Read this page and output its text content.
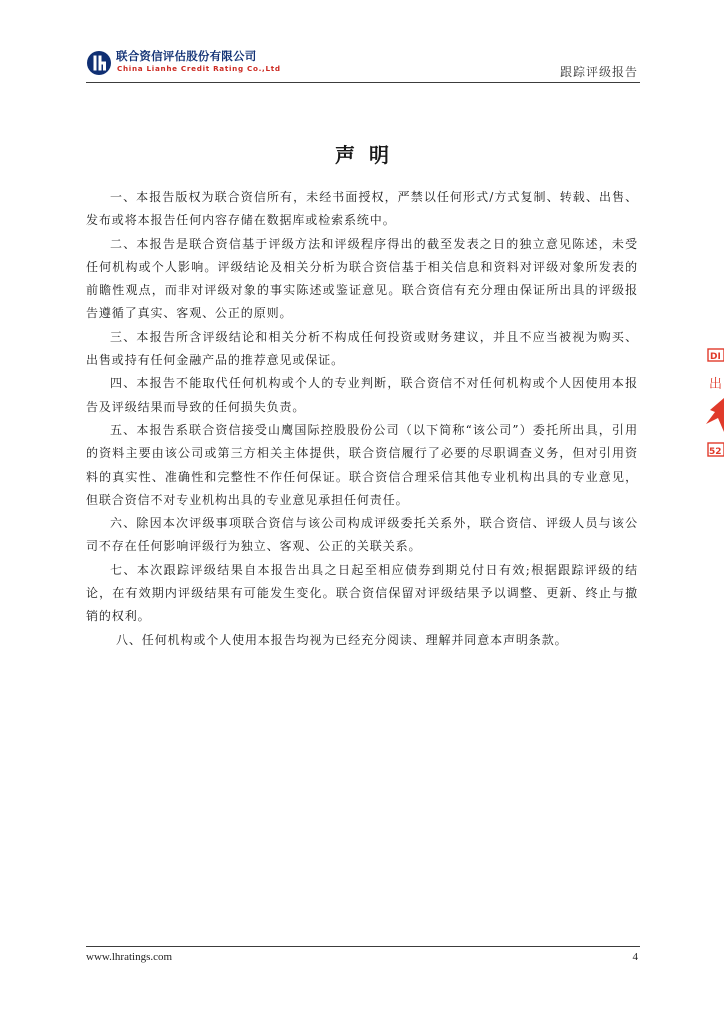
联合资信评估股份有限公司
China Lianhe Credit Rating Co.,Ltd	跟踪评级报告
声明

一、本报告版权为联合资信所有，未经书面授权，严禁以任何形式/方式复制、转载、出售、发布或将本报告任何内容存储在数据库或检索系统中。

二、本报告是联合资信基于评级方法和评级程序得出的截至发表之日的独立意见陈述，未受任何机构或个人影响。评级结论及相关分析为联合资信基于相关信息和资料对评级对象所发表的前瞻性观点，而非对评级对象的事实陈述或鉴证意见。联合资信有充分理由保证所出具的评级报告遵循了真实、客观、公正的原则。

三、本报告所含评级结论和相关分析不构成任何投资或财务建议，并且不应当被视为购买、出售或持有任何金融产品的推荐意见或保证。

四、本报告不能取代任何机构或个人的专业判断，联合资信不对任何机构或个人因使用本报告及评级结果而导致的任何损失负责。

五、本报告系联合资信接受山鹰国际控股股份公司（以下简称“该公司”）委托所出具，引用的资料主要由该公司或第三方相关主体提供，联合资信履行了必要的尽职调查义务，但对引用资料的真实性、准确性和完整性不作任何保证。联合资信合理采信其他专业机构出具的专业意见，但联合资信不对专业机构出具的专业意见承担任何责任。

六、除因本次评级事项联合资信与该公司构成评级委托关系外，联合资信、评级人员与该公司不存在任何影响评级行为独立、客观、公正的关联关系。

七、本次跟踪评级结果自本报告出具之日起至相应债券到期兑付日有效;根据跟踪评级的结论，在有效期内评级结果有可能发生变化。联合资信保留对评级结果予以调整、更新、终止与撤销的权利。

八、任何机构或个人使用本报告均视为已经充分阅读、理解并同意本声明条款。

DI
出
52
www.lhratings.com	4
